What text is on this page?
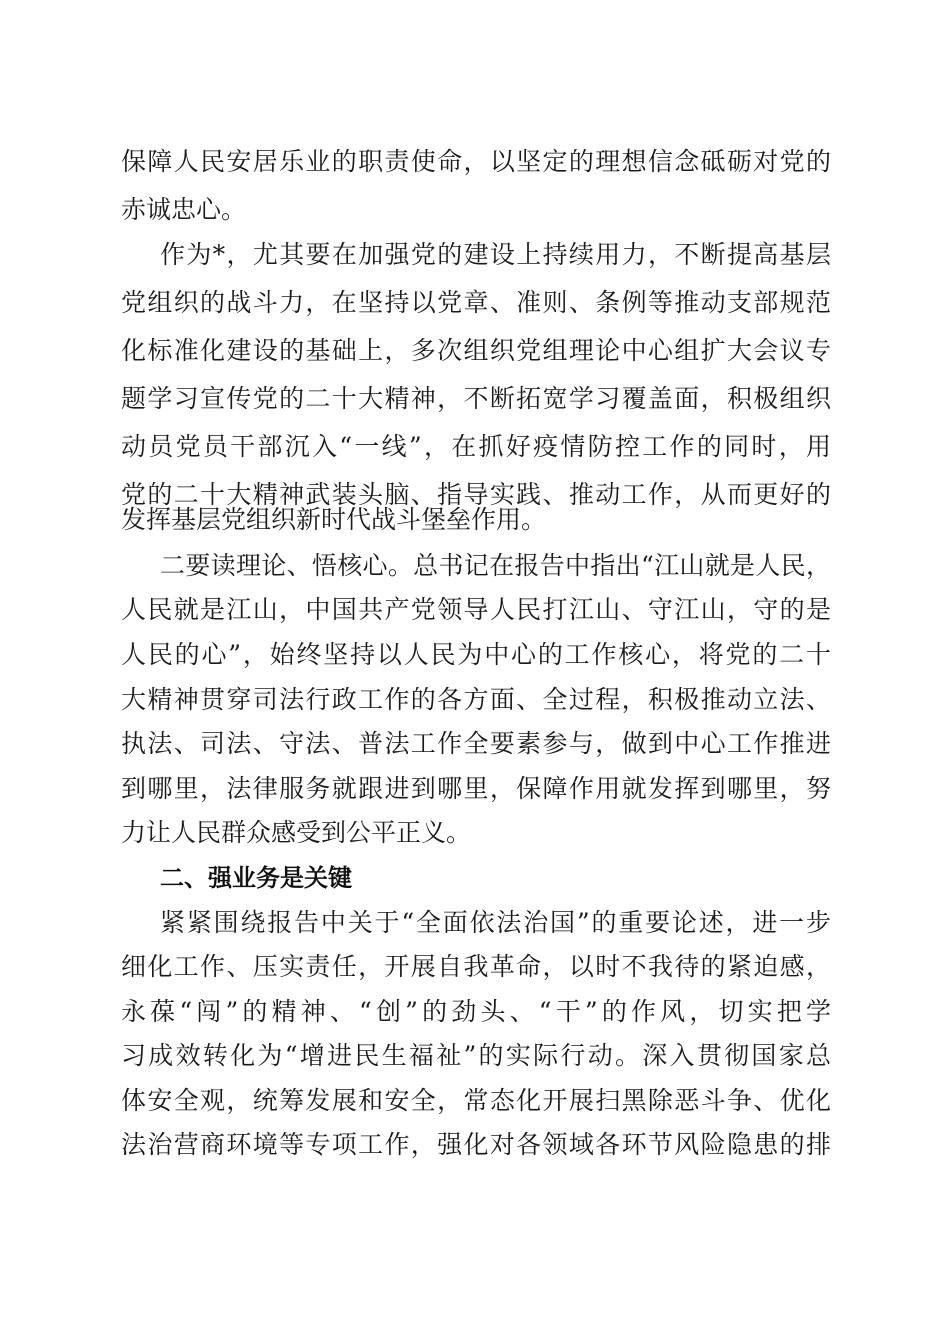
保障人民安居乐业的职责使命，以坚定的理想信念砥砺对党的
赤诚忠心。
作为*，尤其要在加强党的建设上持续用力，不断提高基层
党组织的战斗力，在坚持以党章、准则、条例等推动支部规范
化标准化建设的基础上，多次组织党组理论中心组扩大会议专
题学习宣传党的二十大精神，不断拓宽学习覆盖面，积极组织
动员党员干部沉入“一线”，在抓好疫情防控工作的同时，用
党的二十大精神武装头脑、指导实践、推动工作，从而更好的
发挥基层党组织新时代战斗堡垒作用。
二要读理论、悟核心。总书记在报告中指出“江山就是人民，
人民就是江山，中国共产党领导人民打江山、守江山，守的是
人民的心”，始终坚持以人民为中心的工作核心，将党的二十
大精神贯穿司法行政工作的各方面、全过程，积极推动立法、
执法、司法、守法、普法工作全要素参与，做到中心工作推进
到哪里，法律服务就跟进到哪里，保障作用就发挥到哪里，努
力让人民群众感受到公平正义。
二、强业务是关键
紧紧围绕报告中关于“全面依法治国”的重要论述，进一步
细化工作、压实责任，开展自我革命，以时不我待的紧迫感，
永葆“闯”的精神、“创”的劲头、“干”的作风，切实把学
习成效转化为“增进民生福祉”的实际行动。深入贯彻国家总
体安全观，统筹发展和安全，常态化开展扫黑除恶斗争、优化
法治营商环境等专项工作，强化对各领域各环节风险隐患的排
